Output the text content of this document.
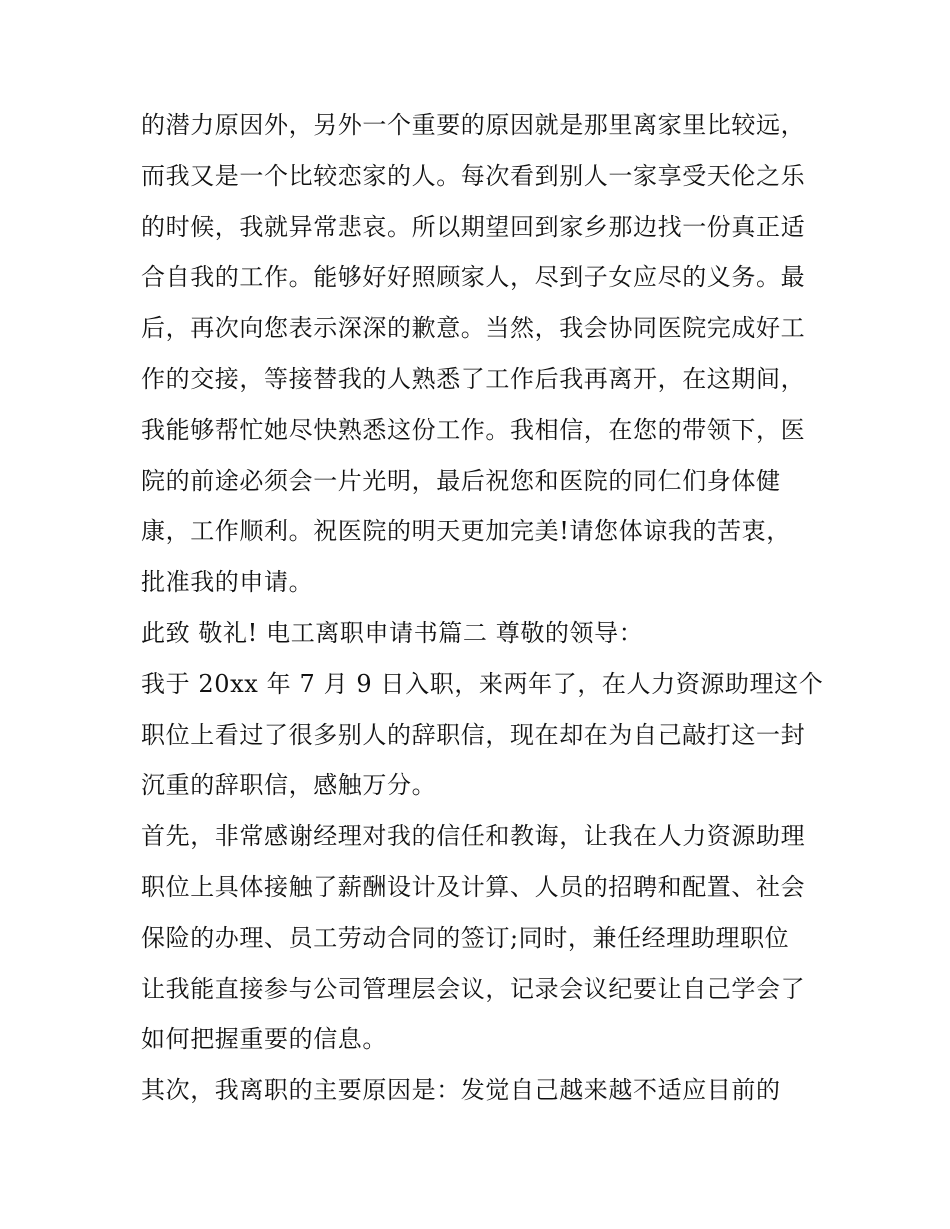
的潜力原因外，另外一个重要的原因就是那里离家里比较远，
而我又是一个比较恋家的人。每次看到别人一家享受天伦之乐
的时候，我就异常悲哀。所以期望回到家乡那边找一份真正适
合自我的工作。能够好好照顾家人，尽到子女应尽的义务。最
后，再次向您表示深深的歉意。当然，我会协同医院完成好工
作的交接，等接替我的人熟悉了工作后我再离开，在这期间，
我能够帮忙她尽快熟悉这份工作。我相信，在您的带领下，医
院的前途必须会一片光明，最后祝您和医院的同仁们身体健
康，工作顺利。祝医院的明天更加完美!请您体谅我的苦衷，
批准我的申请。
此致 敬礼! 电工离职申请书篇二 尊敬的领导：
我于 20xx 年 7 月 9 日入职，来两年了，在人力资源助理这个
职位上看过了很多别人的辞职信，现在却在为自己敲打这一封
沉重的辞职信，感触万分。
首先，非常感谢经理对我的信任和教诲，让我在人力资源助理
职位上具体接触了薪酬设计及计算、人员的招聘和配置、社会
保险的办理、员工劳动合同的签订;同时，兼任经理助理职位
让我能直接参与公司管理层会议，记录会议纪要让自己学会了
如何把握重要的信息。
其次，我离职的主要原因是：发觉自己越来越不适应目前的
